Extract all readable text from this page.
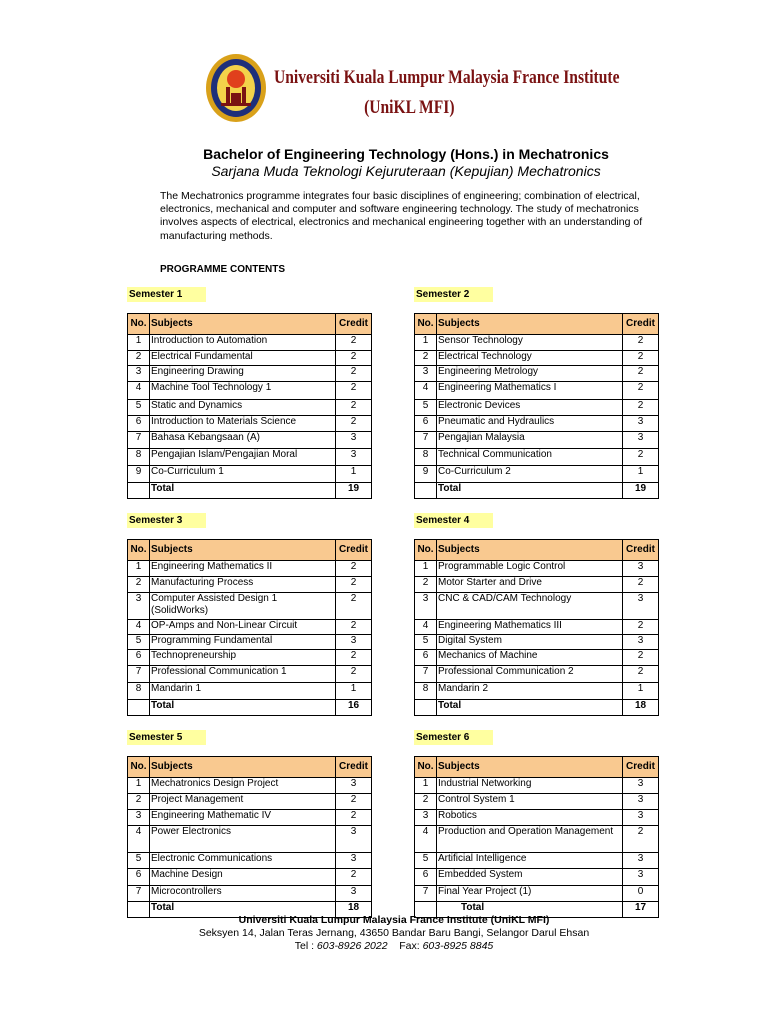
Universiti Kuala Lumpur Malaysia France Institute
(UniKL MFI)
Bachelor of Engineering Technology (Hons.) in Mechatronics
Sarjana Muda Teknologi Kejuruteraan (Kepujian) Mechatronics
The Mechatronics programme integrates four basic disciplines of engineering; combination of electrical, electronics, mechanical and computer and software engineering technology. The study of mechatronics involves aspects of electrical, electronics and mechanical engineering together with an understanding of manufacturing methods.
PROGRAMME CONTENTS
Semester 1
No.	Subjects	Credit
1	Introduction to Automation	2
2	Electrical Fundamental	2
3	Engineering Drawing	2
4	Machine Tool Technology 1	2
5	Static and Dynamics	2
6	Introduction to Materials Science	2
7	Bahasa Kebangsaan (A)	3
8	Pengajian Islam/Pengajian Moral	3
9	Co-Curriculum 1	1
	Total	19
Semester 2
No.	Subjects	Credit
1	Sensor Technology	2
2	Electrical Technology	2
3	Engineering Metrology	2
4	Engineering Mathematics I	2
5	Electronic Devices	2
6	Pneumatic and Hydraulics	3
7	Pengajian Malaysia	3
8	Technical Communication	2
9	Co-Curriculum 2	1
	Total	19
Semester 3
No.	Subjects	Credit
1	Engineering Mathematics II	2
2	Manufacturing Process	2
3	Computer Assisted Design 1 (SolidWorks)	2
4	OP-Amps and Non-Linear Circuit	2
5	Programming Fundamental	3
6	Technopreneurship	2
7	Professional Communication 1	2
8	Mandarin 1	1
	Total	16
Semester 4
No.	Subjects	Credit
1	Programmable Logic Control	3
2	Motor Starter and Drive	2
3	CNC & CAD/CAM Technology	3
4	Engineering Mathematics III	2
5	Digital System	3
6	Mechanics of Machine	2
7	Professional Communication 2	2
8	Mandarin 2	1
	Total	18
Semester 5
No.	Subjects	Credit
1	Mechatronics Design Project	3
2	Project Management	2
3	Engineering Mathematic IV	2
4	Power Electronics	3
5	Electronic Communications	3
6	Machine Design	2
7	Microcontrollers	3
	Total	18
Semester 6
No.	Subjects	Credit
1	Industrial Networking	3
2	Control System 1	3
3	Robotics	3
4	Production and Operation Management	2
5	Artificial Intelligence	3
6	Embedded System	3
7	Final Year Project (1)	0
	Total	17
Universiti Kuala Lumpur Malaysia France Institute (UniKL MFI)
Seksyen 14, Jalan Teras Jernang, 43650 Bandar Baru Bangi, Selangor Darul Ehsan
Tel : 603-8926 2022 Fax: 603-8925 8845
